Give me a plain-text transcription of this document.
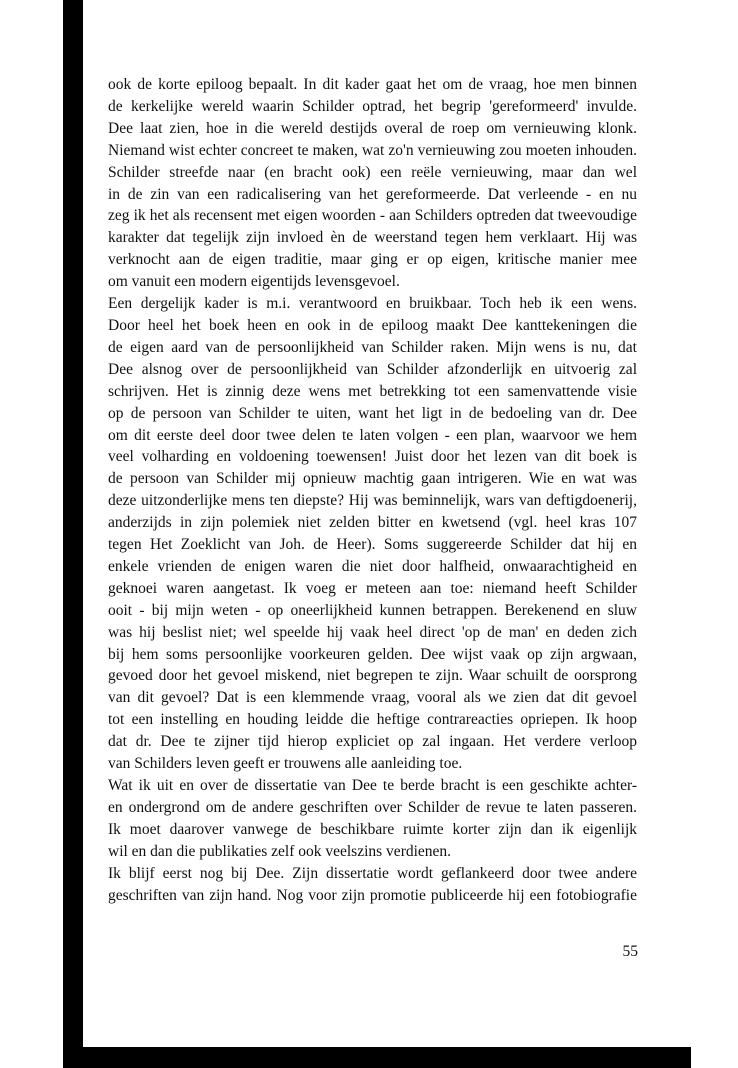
ook de korte epiloog bepaalt. In dit kader gaat het om de vraag, hoe men binnen
de kerkelijke wereld waarin Schilder optrad, het begrip 'gereformeerd' invulde.
Dee laat zien, hoe in die wereld destijds overal de roep om vernieuwing klonk.
Niemand wist echter concreet te maken, wat zo'n vernieuwing zou moeten inhouden.
Schilder streefde naar (en bracht ook) een reële vernieuwing, maar dan wel
in de zin van een radicalisering van het gereformeerde. Dat verleende - en nu
zeg ik het als recensent met eigen woorden - aan Schilders optreden dat tweevoudige
karakter dat tegelijk zijn invloed èn de weerstand tegen hem verklaart. Hij was
verknocht aan de eigen traditie, maar ging er op eigen, kritische manier mee
om vanuit een modern eigentijds levensgevoel.
Een dergelijk kader is m.i. verantwoord en bruikbaar. Toch heb ik een wens.
Door heel het boek heen en ook in de epiloog maakt Dee kanttekeningen die
de eigen aard van de persoonlijkheid van Schilder raken. Mijn wens is nu, dat
Dee alsnog over de persoonlijkheid van Schilder afzonderlijk en uitvoerig zal
schrijven. Het is zinnig deze wens met betrekking tot een samenvattende visie
op de persoon van Schilder te uiten, want het ligt in de bedoeling van dr. Dee
om dit eerste deel door twee delen te laten volgen - een plan, waarvoor we hem
veel volharding en voldoening toewensen! Juist door het lezen van dit boek is
de persoon van Schilder mij opnieuw machtig gaan intrigeren. Wie en wat was
deze uitzonderlijke mens ten diepste? Hij was beminnelijk, wars van deftigdoenerij,
anderzijds in zijn polemiek niet zelden bitter en kwetsend (vgl. heel kras 107
tegen Het Zoeklicht van Joh. de Heer). Soms suggereerde Schilder dat hij en
enkele vrienden de enigen waren die niet door halfheid, onwaarachtigheid en
geknoei waren aangetast. Ik voeg er meteen aan toe: niemand heeft Schilder
ooit - bij mijn weten - op oneerlijkheid kunnen betrappen. Berekenend en sluw
was hij beslist niet; wel speelde hij vaak heel direct 'op de man' en deden zich
bij hem soms persoonlijke voorkeuren gelden. Dee wijst vaak op zijn argwaan,
gevoed door het gevoel miskend, niet begrepen te zijn. Waar schuilt de oorsprong
van dit gevoel? Dat is een klemmende vraag, vooral als we zien dat dit gevoel
tot een instelling en houding leidde die heftige contrareacties opriepen. Ik hoop
dat dr. Dee te zijner tijd hierop expliciet op zal ingaan. Het verdere verloop
van Schilders leven geeft er trouwens alle aanleiding toe.
Wat ik uit en over de dissertatie van Dee te berde bracht is een geschikte achter-
en ondergrond om de andere geschriften over Schilder de revue te laten passeren.
Ik moet daarover vanwege de beschikbare ruimte korter zijn dan ik eigenlijk
wil en dan die publikaties zelf ook veelszins verdienen.
Ik blijf eerst nog bij Dee. Zijn dissertatie wordt geflankeerd door twee andere
geschriften van zijn hand. Nog voor zijn promotie publiceerde hij een fotobiografie
55
